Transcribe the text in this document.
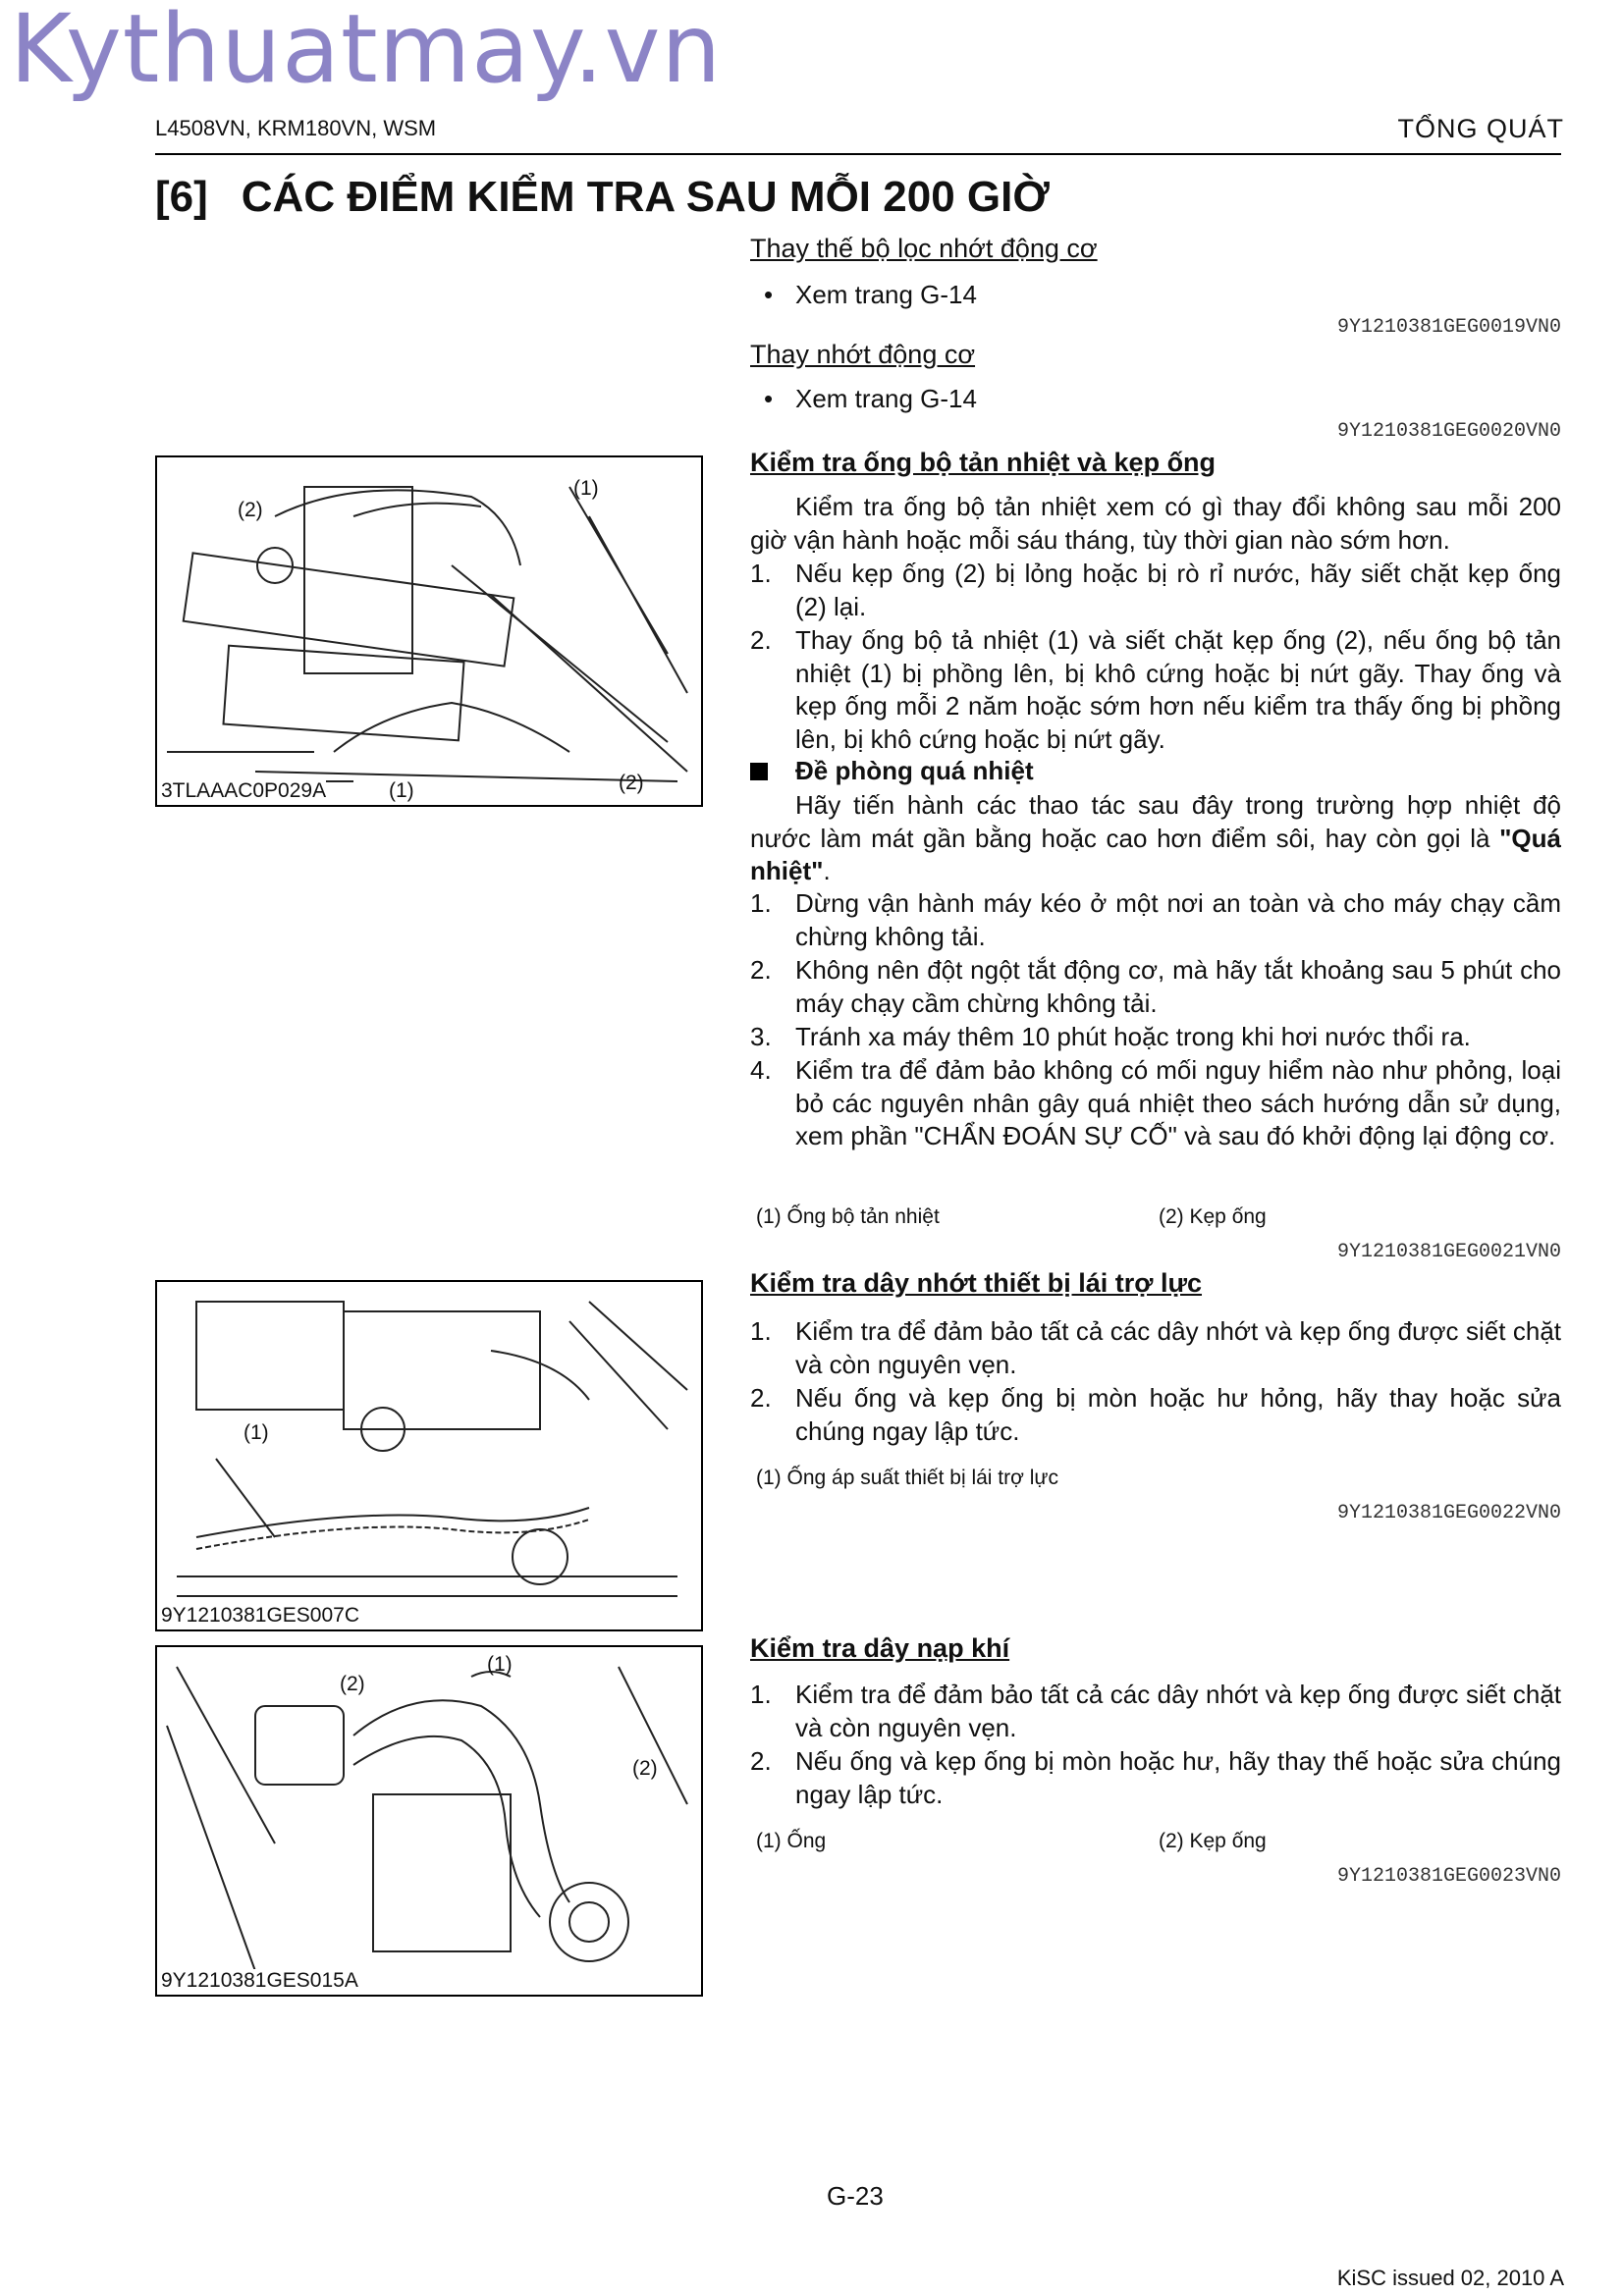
Kythuatmay.vn
L4508VN, KRM180VN, WSM	TỔNG QUÁT
[6] CÁC ĐIỂM KIỂM TRA SAU MỖI 200 GIỜ
(2)
(1)
(2)
(1)
3TLAAAC0P029A
(1)
9Y1210381GES007C
(1)
(2)
(2)
9Y1210381GES015A
Thay thế bộ lọc nhớt động cơ
• Xem trang G-14
9Y1210381GEG0019VN0
Thay nhớt động cơ
• Xem trang G-14
9Y1210381GEG0020VN0
Kiểm tra ống bộ tản nhiệt và kẹp ống
Kiểm tra ống bộ tản nhiệt xem có gì thay đổi không sau mỗi 200 giờ vận hành hoặc mỗi sáu tháng, tùy thời gian nào sớm hơn.
1. Nếu kẹp ống (2) bị lỏng hoặc bị rò rỉ nước, hãy siết chặt kẹp ống (2) lại.
2. Thay ống bộ tả nhiệt (1) và siết chặt kẹp ống (2), nếu ống bộ tản nhiệt (1) bị phồng lên, bị khô cứng hoặc bị nứt gãy. Thay ống và kẹp ống mỗi 2 năm hoặc sớm hơn nếu kiểm tra thấy ống bị phồng lên, bị khô cứng hoặc bị nứt gãy.
Đề phòng quá nhiệt
Hãy tiến hành các thao tác sau đây trong trường hợp nhiệt độ nước làm mát gần bằng hoặc cao hơn điểm sôi, hay còn gọi là "Quá nhiệt".
1. Dừng vận hành máy kéo ở một nơi an toàn và cho máy chạy cầm chừng không tải.
2. Không nên đột ngột tắt động cơ, mà hãy tắt khoảng sau 5 phút cho máy chạy cầm chừng không tải.
3. Tránh xa máy thêm 10 phút hoặc trong khi hơi nước thổi ra.
4. Kiểm tra để đảm bảo không có mối nguy hiểm nào như phỏng, loại bỏ các nguyên nhân gây quá nhiệt theo sách hướng dẫn sử dụng, xem phần "CHẨN ĐOÁN SỰ CỐ" và sau đó khởi động lại động cơ.
(1) Ống bộ tản nhiệt	(2) Kẹp ống
9Y1210381GEG0021VN0
Kiểm tra dây nhớt thiết bị lái trợ lực
1. Kiểm tra để đảm bảo tất cả các dây nhớt và kẹp ống được siết chặt và còn nguyên vẹn.
2. Nếu ống và kẹp ống bị mòn hoặc hư hỏng, hãy thay hoặc sửa chúng ngay lập tức.
(1) Ống áp suất thiết bị lái trợ lực
9Y1210381GEG0022VN0
Kiểm tra dây nạp khí
1. Kiểm tra để đảm bảo tất cả các dây nhớt và kẹp ống được siết chặt và còn nguyên vẹn.
2. Nếu ống và kẹp ống bị mòn hoặc hư, hãy thay thế hoặc sửa chúng ngay lập tức.
(1) Ống	(2) Kẹp ống
9Y1210381GEG0023VN0
G-23
KiSC issued 02, 2010 A
